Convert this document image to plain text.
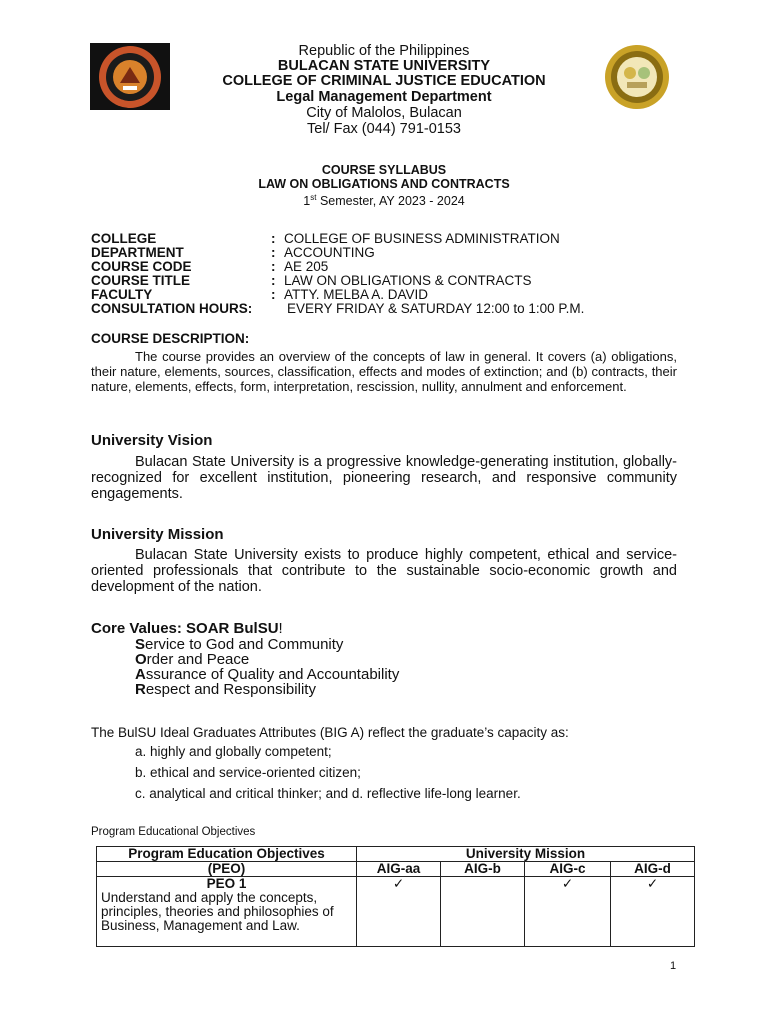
Republic of the Philippines
BULACAN STATE UNIVERSITY
COLLEGE OF CRIMINAL JUSTICE EDUCATION
Legal Management Department
City of Malolos, Bulacan
Tel/ Fax (044) 791-0153
COURSE SYLLABUS
LAW ON OBLIGATIONS AND CONTRACTS
1st Semester, AY 2023 - 2024
COLLEGE	: COLLEGE OF BUSINESS ADMINISTRATION
DEPARTMENT	: ACCOUNTING
COURSE CODE	: AE 205
COURSE TITLE	: LAW ON OBLIGATIONS & CONTRACTS
FACULTY	: ATTY. MELBA A. DAVID
CONSULTATION HOURS:	EVERY FRIDAY & SATURDAY 12:00 to 1:00 P.M.
COURSE DESCRIPTION:
The course provides an overview of the concepts of law in general. It covers (a) obligations, their nature, elements, sources, classification, effects and modes of extinction; and (b) contracts, their nature, elements, effects, form, interpretation, rescission, nullity, annulment and enforcement.
University Vision
Bulacan State University is a progressive knowledge-generating institution, globally-recognized for excellent institution, pioneering research, and responsive community engagements.
University Mission
Bulacan State University exists to produce highly competent, ethical and service-oriented professionals that contribute to the sustainable socio-economic growth and development of the nation.
Core Values: SOAR BulSU!
Service to God and Community
Order and Peace
Assurance of Quality and Accountability
Respect and Responsibility
The BulSU Ideal Graduates Attributes (BIG A) reflect the graduate’s capacity as:
a. highly and globally competent;
b. ethical and service-oriented citizen;
c. analytical and critical thinker; and d. reflective life-long learner.
Program Educational Objectives
Program Education Objectives	University Mission			
(PEO)	AIG-aa	AIG-b	AIG-c	AIG-d

PEO 1
Understand and apply the concepts, principles, theories and philosophies of Business, Management and Law.	✓		✓	✓
1
